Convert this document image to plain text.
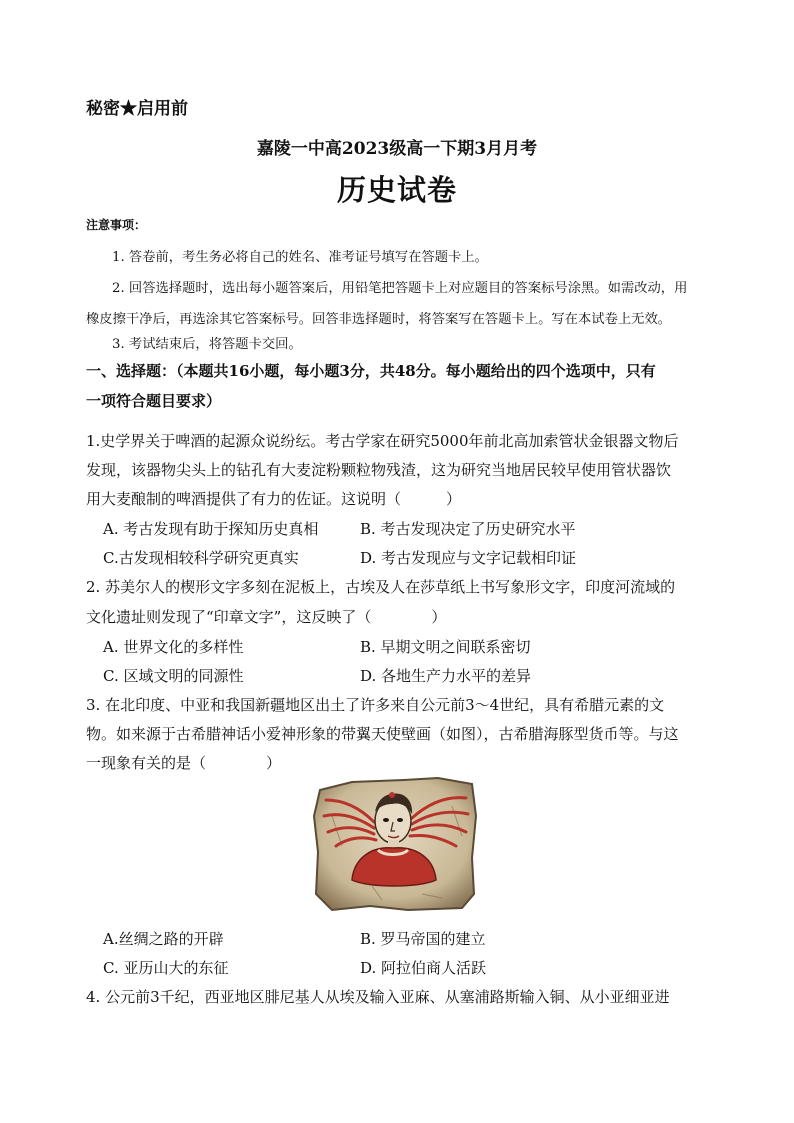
秘密★启用前
嘉陵一中高2023级高一下期3月月考
历史试卷
注意事项：
1. 答卷前，考生务必将自己的姓名、准考证号填写在答题卡上。
2. 回答选择题时，选出每小题答案后，用铅笔把答题卡上对应题目的答案标号涂黑。如需改动，用
橡皮擦干净后，再选涂其它答案标号。回答非选择题时，将答案写在答题卡上。写在本试卷上无效。
3. 考试结束后，将答题卡交回。
一、选择题：（本题共16小题，每小题3分，共48分。每小题给出的四个选项中，只有
一项符合题目要求）
1.史学界关于啤酒的起源众说纷纭。考古学家在研究5000年前北高加索管状金银器文物后
发现，该器物尖头上的钻孔有大麦淀粉颗粒物残渣，这为研究当地居民较早使用管状器饮
用大麦酿制的啤酒提供了有力的佐证。这说明（　　　）
A. 考古发现有助于探知历史真相	B. 考古发现决定了历史研究水平
C.古发现相较科学研究更真实	D. 考古发现应与文字记载相印证
2. 苏美尔人的楔形文字多刻在泥板上，古埃及人在莎草纸上书写象形文字，印度河流域的
文化遗址则发现了“印章文字”，这反映了（　　　　）
A. 世界文化的多样性	B. 早期文明之间联系密切
C. 区域文明的同源性	D. 各地生产力水平的差异
3. 在北印度、中亚和我国新疆地区出土了许多来自公元前3～4世纪，具有希腊元素的文
物。如来源于古希腊神话小爱神形象的带翼天使壁画（如图），古希腊海豚型货币等。与这
一现象有关的是（　　　　）
A.丝绸之路的开辟	B. 罗马帝国的建立
C. 亚历山大的东征	D. 阿拉伯商人活跃
4. 公元前3千纪，西亚地区腓尼基人从埃及输入亚麻、从塞浦路斯输入铜、从小亚细亚进
